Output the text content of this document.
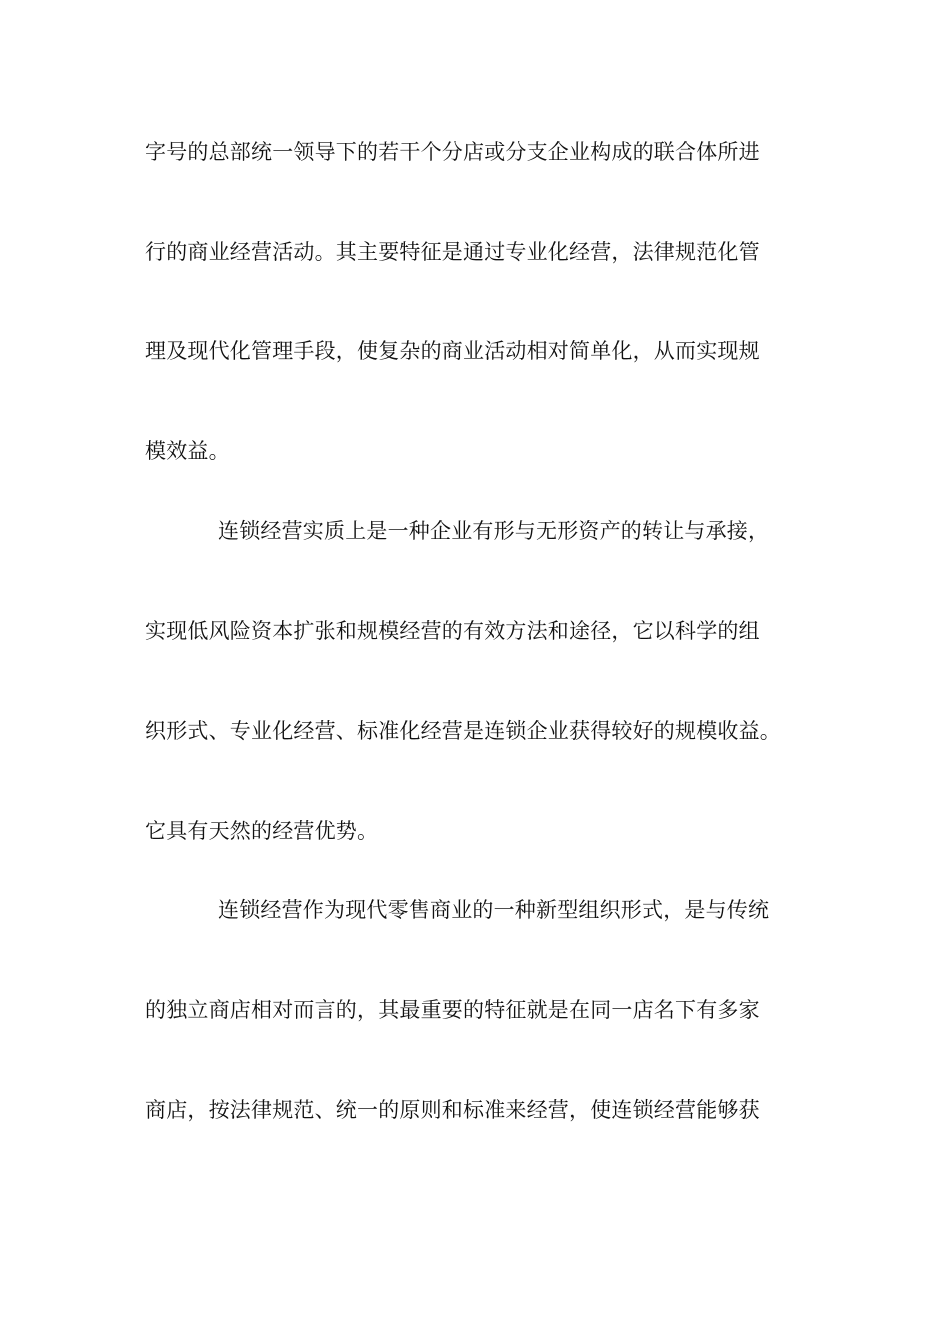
字号的总部统一领导下的若干个分店或分支企业构成的联合体所进
行的商业经营活动。其主要特征是通过专业化经营，法律规范化管
理及现代化管理手段，使复杂的商业活动相对简单化，从而实现规
模效益。
连锁经营实质上是一种企业有形与无形资产的转让与承接，
实现低风险资本扩张和规模经营的有效方法和途径，它以科学的组
织形式、专业化经营、标准化经营是连锁企业获得较好的规模收益。
它具有天然的经营优势。
连锁经营作为现代零售商业的一种新型组织形式，是与传统
的独立商店相对而言的，其最重要的特征就是在同一店名下有多家
商店，按法律规范、统一的原则和标准来经营，使连锁经营能够获
